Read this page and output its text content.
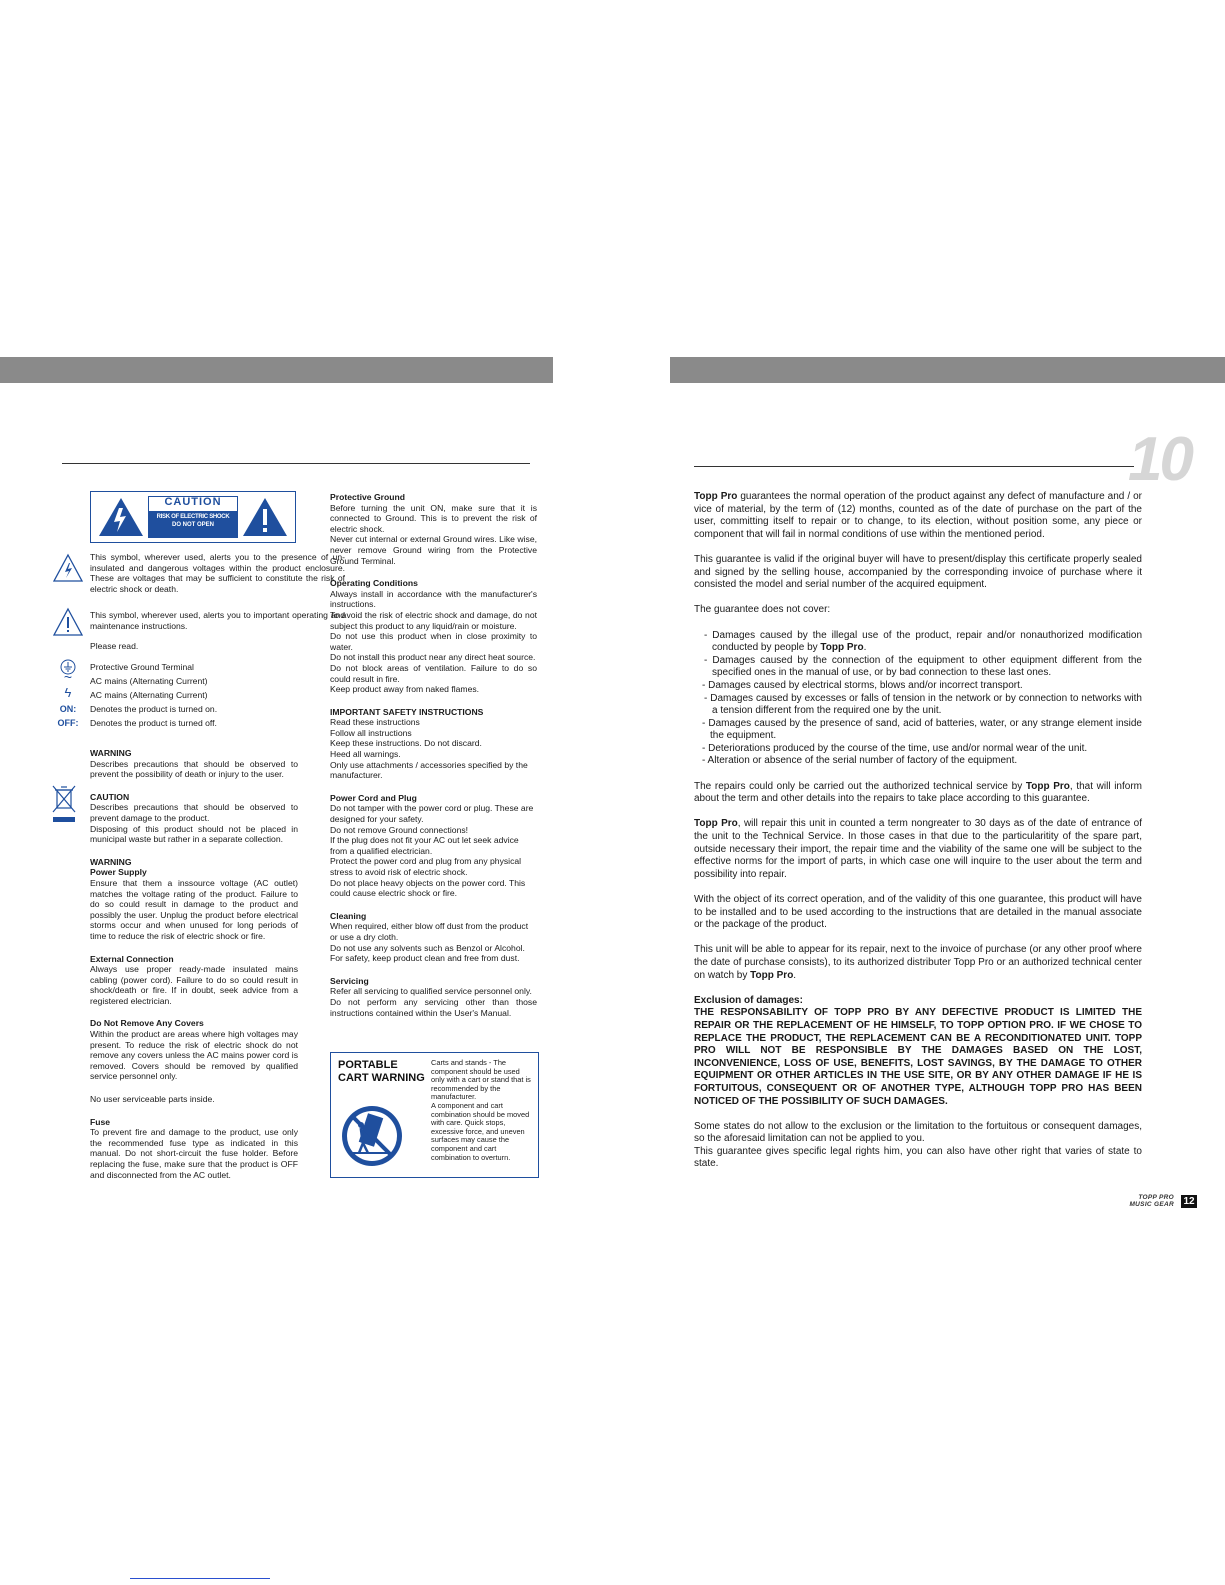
CAUTION
RISK OF ELECTRIC SHOCK
DO NOT OPEN
This symbol, wherever used, alerts you to the presence of un-insulated and dangerous voltages within the product enclosure. These are voltages that may be sufficient to constitute the risk of electric shock or death.
This symbol, wherever used, alerts you to important operating and maintenance instructions.
Please read.
Protective Ground Terminal
~	AC mains (Alternating Current)
ϟ	AC mains (Alternating Current)
ON:	Denotes the product is turned on.
OFF:	Denotes the product is turned off.

WARNING

Describes precautions that should be observed to prevent the possibility of death or injury to the user.

CAUTION

Describes precautions that should be observed to prevent damage to the product.
Disposing of this product should not be placed in municipal waste but rather in a separate collection.

WARNING
Power Supply

Ensure that them a inssource voltage (AC outlet) matches the voltage rating of the product. Failure to do so could result in damage to the product and possibly the user. Unplug the product before electrical storms occur and when unused for long periods of time to reduce the risk of electric shock or fire.

External Connection

Always use proper ready-made insulated mains cabling (power cord). Failure to do so could result in shock/death or fire. If in doubt, seek advice from a registered electrician.

Do Not Remove Any Covers

Within the product are areas where high voltages may present. To reduce the risk of electric shock do not remove any covers unless the AC mains power cord is removed. Covers should be removed by qualified service personnel only.

No user serviceable parts inside.

Fuse

To prevent fire and damage to the product, use only the recommended fuse type as indicated in this manual. Do not short-circuit the fuse holder. Before replacing the fuse, make sure that the product is OFF and disconnected from the AC outlet.

Protective Ground

Before turning the unit ON, make sure that it is connected to Ground. This is to prevent the risk of electric shock.
Never cut internal or external Ground wires. Like wise, never remove Ground wiring from the Protective Ground Terminal.

Operating Conditions

Always install in accordance with the manufacturer's instructions.
To avoid the risk of electric shock and damage, do not subject this product to any liquid/rain or moisture.
Do not use this product when in close proximity to water.
Do not install this product near any direct heat source.
Do not block areas of ventilation. Failure to do so could result in fire.
Keep product away from naked flames.

IMPORTANT SAFETY INSTRUCTIONS

Read these instructions
Follow all instructions
Keep these instructions. Do not discard.
Heed all warnings.
Only use attachments / accessories specified by the manufacturer.

Power Cord and Plug

Do not tamper with the power cord or plug. These are designed for your safety.
Do not remove Ground connections!
If the plug does not fit your AC out let seek advice from a qualified electrician.
Protect the power cord and plug from any physical stress to avoid risk of electric shock.
Do not place heavy objects on the power cord. This could cause electric shock or fire.

Cleaning

When required, either blow off dust from the product or use a dry cloth.
Do not use any solvents such as Benzol or Alcohol.
For safety, keep product clean and free from dust.

Servicing

Refer all servicing to qualified service personnel only.
Do not perform any servicing other than those instructions contained within the User's Manual.

PORTABLE
CART WARNING
Carts and stands - The component should be used only with a cart or stand that is recommended by the manufacturer.
A component and cart combination should be moved with care. Quick stops, excessive force, and uneven surfaces may cause the component and cart combination to overturn.
10

Topp Pro guarantees the normal operation of the product against any defect of manufacture and / or vice of material, by the term of (12) months, counted as of the date of purchase on the part of the user, committing itself to repair or to change, to its election, without position some, any piece or component that will fail in normal conditions of use within the mentioned period.

This guarantee is valid if the original buyer will have to present/display this certificate properly sealed and signed by the selling house, accompanied by the corresponding invoice of purchase where it consisted the model and serial number of the acquired equipment.

The guarantee does not cover:

- Damages caused by the illegal use of the product, repair and/or nonauthorized modification conducted by people by Topp Pro.
- Damages caused by the connection of the equipment to other equipment different from the specified ones in the manual of use, or by bad connection to these last ones.
- Damages caused by electrical storms, blows and/or incorrect transport.
- Damages caused by excesses or falls of tension in the network or by connection to networks with a tension different from the required one by the unit.
- Damages caused by the presence of sand, acid of batteries, water, or any strange element inside the equipment.
- Deteriorations produced by the course of the time, use and/or normal wear of the unit.
- Alteration or absence of the serial number of factory of the equipment.

The repairs could only be carried out the authorized technical service by Topp Pro, that will inform about the term and other details into the repairs to take place according to this guarantee.

Topp Pro, will repair this unit in counted a term nongreater to 30 days as of the date of entrance of the unit to the Technical Service. In those cases in that due to the particularitity of the spare part, outside necessary their import, the repair time and the viability of the same one will be subject to the effective norms for the import of parts, in which case one will inquire to the user about the term and possibility into repair.

With the object of its correct operation, and of the validity of this one guarantee, this product will have to be installed and to be used according to the instructions that are detailed in the manual associate or the package of the product.

This unit will be able to appear for its repair, next to the invoice of purchase (or any other proof where the date of purchase consists), to its authorized distributer Topp Pro or an authorized technical center on watch by Topp Pro.

Exclusion of damages:
THE RESPONSABILITY OF TOPP PRO BY ANY DEFECTIVE PRODUCT IS LIMITED THE REPAIR OR THE REPLACEMENT OF HE HIMSELF, TO TOPP OPTION PRO. IF WE CHOSE TO REPLACE THE PRODUCT, THE REPLACEMENT CAN BE A RECONDITIONATED UNIT. TOPP PRO WILL NOT BE RESPONSIBLE BY THE DAMAGES BASED ON THE LOST, INCONVENIENCE, LOSS OF USE, BENEFITS, LOST SAVINGS, BY THE DAMAGE TO OTHER EQUIPMENT OR OTHER ARTICLES IN THE USE SITE, OR BY ANY OTHER DAMAGE IF HE IS FORTUITOUS, CONSEQUENT OR OF ANOTHER TYPE, ALTHOUGH TOPP PRO HAS BEEN NOTICED OF THE POSSIBILITY OF SUCH DAMAGES.

Some states do not allow to the exclusion or the limitation to the fortuitous or consequent damages, so the aforesaid limitation can not be applied to you.
This guarantee gives specific legal rights him, you can also have other right that varies of state to state.

TOPP PRO
MUSIC GEAR 12
